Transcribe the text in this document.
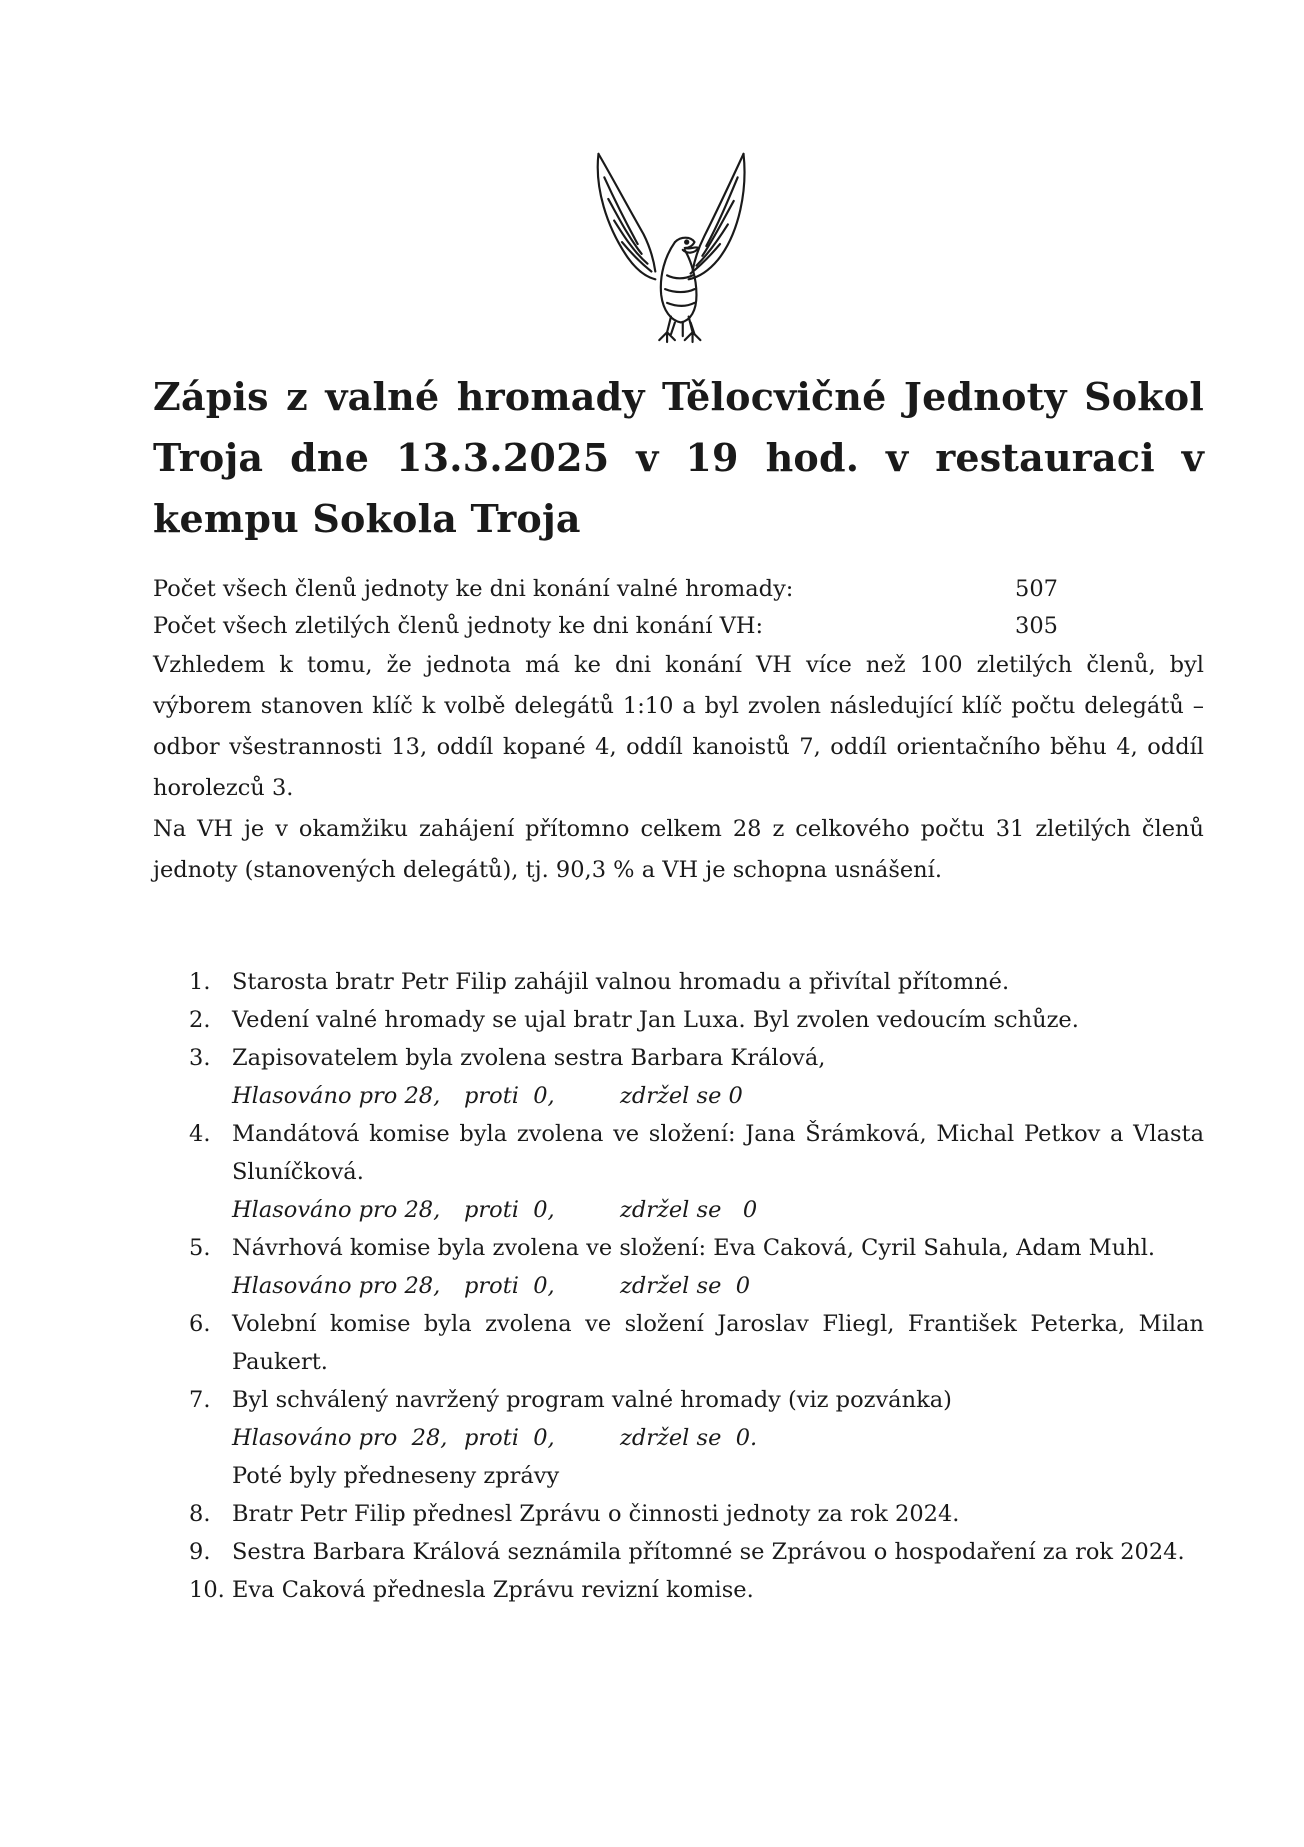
Zápis z valné hromady Tělocvičné Jednoty Sokol Troja dne 13.3.2025 v 19 hod. v restauraci v kempu Sokola Troja
Počet všech členů jednoty ke dni konání valné hromady:	507
Počet všech zletilých členů jednoty ke dni konání VH:	305

Vzhledem k tomu, že jednota má ke dni konání VH více než 100 zletilých členů, byl výborem stanoven klíč k volbě delegátů 1:10 a byl zvolen následující klíč počtu delegátů – odbor všestrannosti 13, oddíl kopané 4, oddíl kanoistů 7, oddíl orientačního běhu 4, oddíl horolezců 3.

Na VH je v okamžiku zahájení přítomno celkem 28 z celkového počtu 31 zletilých členů jednoty (stanovených delegátů), tj. 90,3 % a VH je schopna usnášení.

1. Starosta bratr Petr Filip zahájil valnou hromadu a přivítal přítomné.
2. Vedení valné hromady se ujal bratr Jan Luxa. Byl zvolen vedoucím schůze.
3. Zapisovatelem byla zvolena sestra Barbara Králová,
Hlasováno pro 28, proti  0,	zdržel se 0
4. Mandátová komise byla zvolena ve složení: Jana Šrámková, Michal Petkov a Vlasta Sluníčková.
Hlasováno pro 28, proti  0,	zdržel se   0
5. Návrhová komise byla zvolena ve složení: Eva Caková, Cyril Sahula, Adam Muhl.
Hlasováno pro 28, proti  0,	zdržel se  0
6. Volební komise byla zvolena ve složení Jaroslav Fliegl, František Peterka, Milan Paukert.
7. Byl schválený navržený program valné hromady (viz pozvánka)
Hlasováno pro  28, proti  0,	zdržel se  0.
Poté byly předneseny zprávy
8. Bratr Petr Filip přednesl Zprávu o činnosti jednoty za rok 2024.
9. Sestra Barbara Králová seznámila přítomné se Zprávou o hospodaření za rok 2024.
10. Eva Caková přednesla Zprávu revizní komise.
